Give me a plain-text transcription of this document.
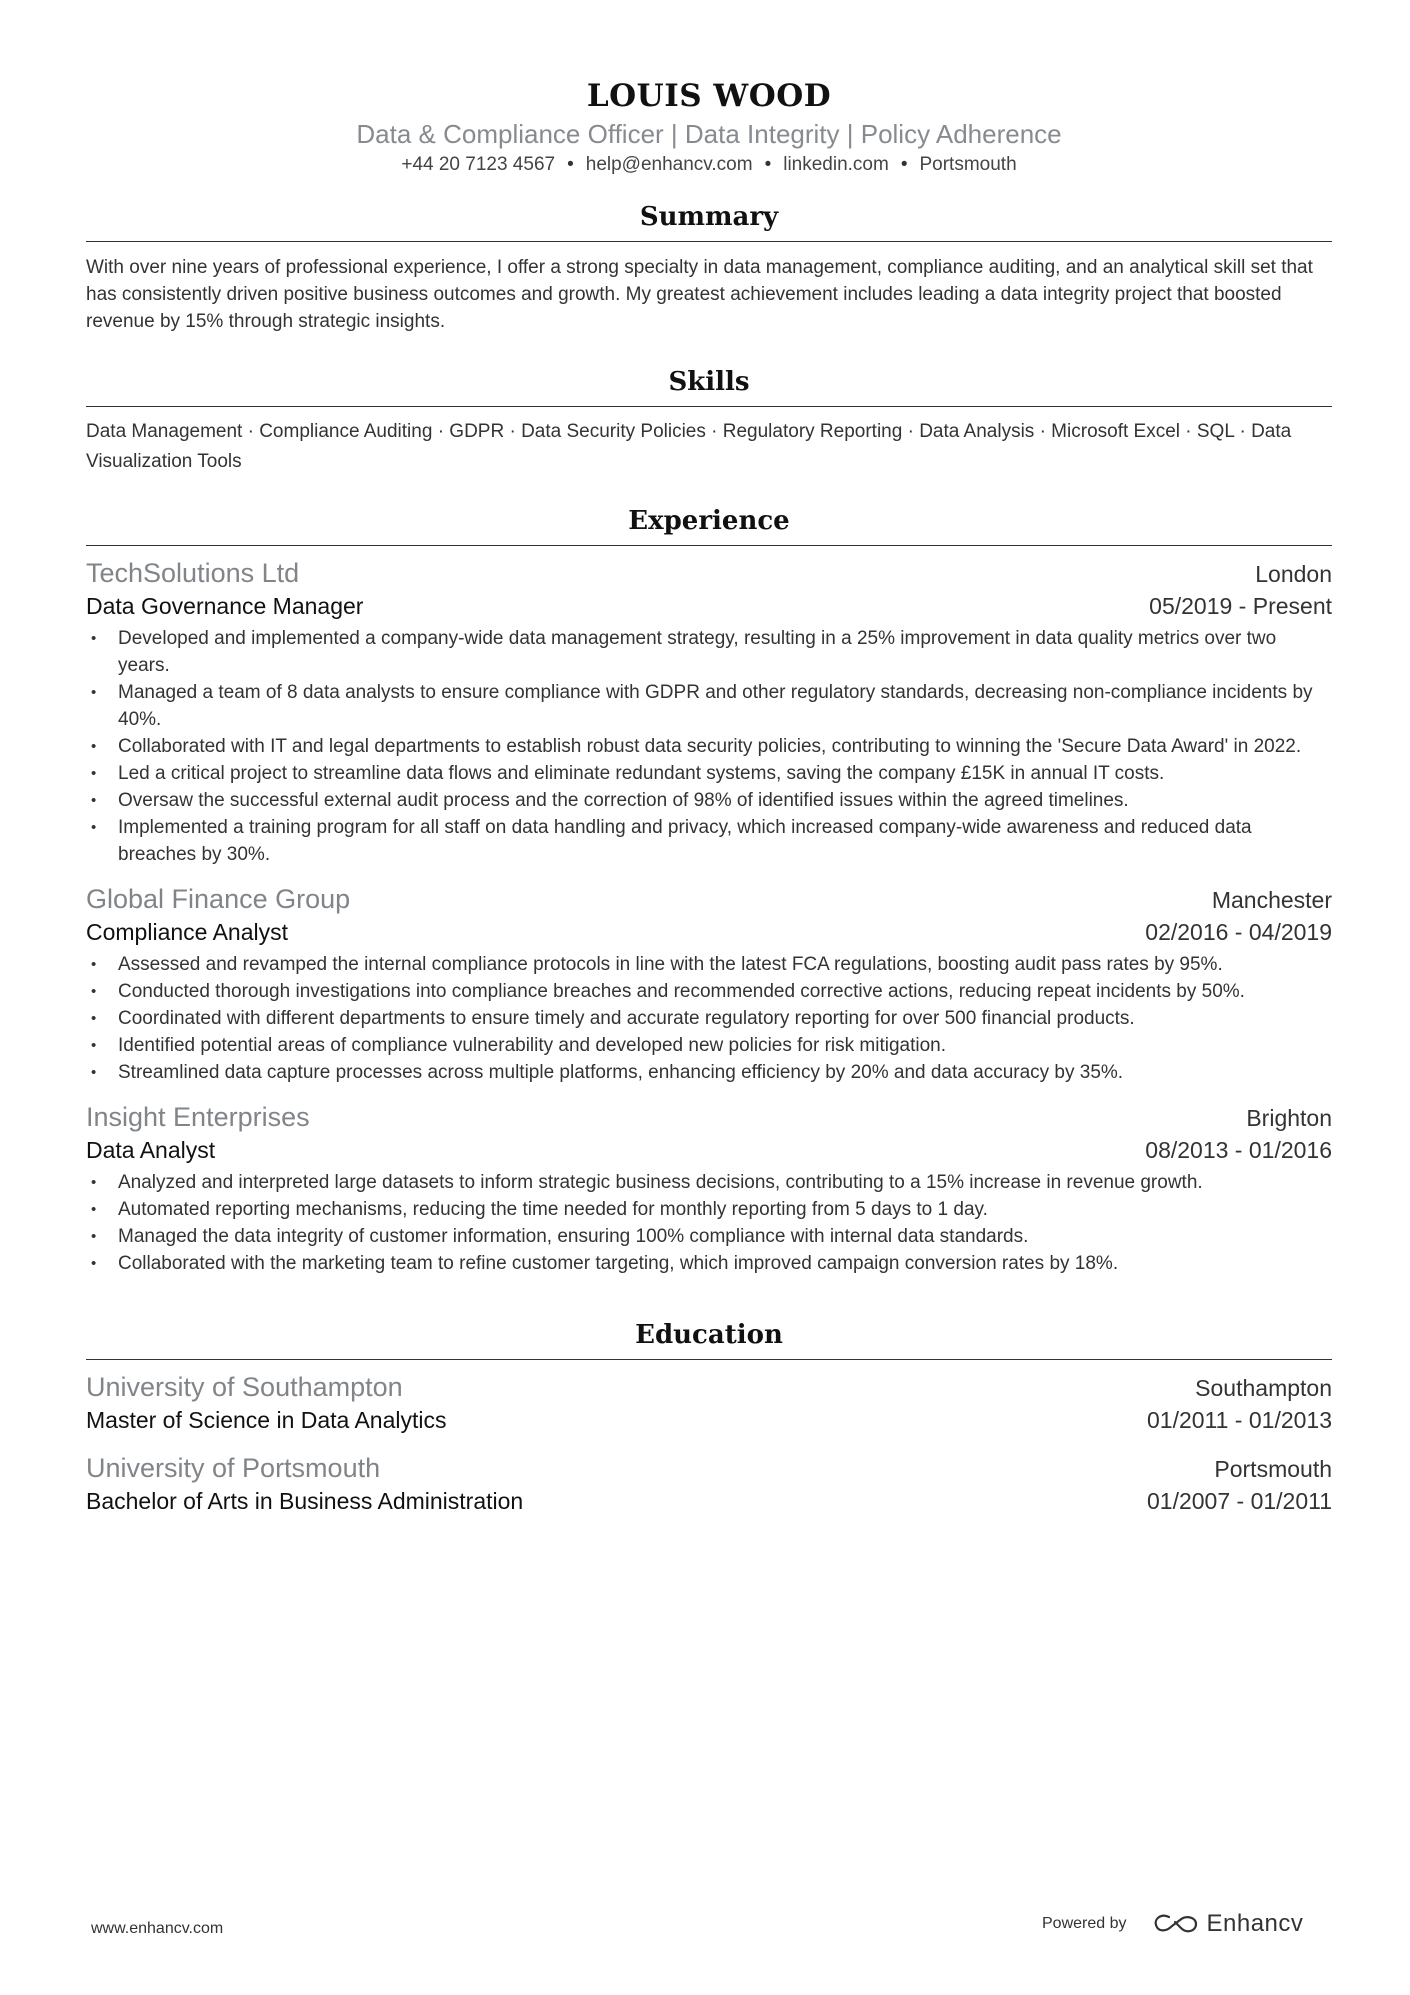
LOUIS WOOD
Data & Compliance Officer | Data Integrity | Policy Adherence
+44 20 7123 4567 • help@enhancv.com • linkedin.com • Portsmouth
Summary
With over nine years of professional experience, I offer a strong specialty in data management, compliance auditing, and an analytical skill set that has consistently driven positive business outcomes and growth. My greatest achievement includes leading a data integrity project that boosted revenue by 15% through strategic insights.
Skills
Data Management · Compliance Auditing · GDPR · Data Security Policies · Regulatory Reporting · Data Analysis · Microsoft Excel · SQL · Data Visualization Tools
Experience
TechSolutions Ltd	London
Data Governance Manager	05/2019 - Present
• Developed and implemented a company-wide data management strategy, resulting in a 25% improvement in data quality metrics over two years.
• Managed a team of 8 data analysts to ensure compliance with GDPR and other regulatory standards, decreasing non-compliance incidents by 40%.
• Collaborated with IT and legal departments to establish robust data security policies, contributing to winning the 'Secure Data Award' in 2022.
• Led a critical project to streamline data flows and eliminate redundant systems, saving the company £15K in annual IT costs.
• Oversaw the successful external audit process and the correction of 98% of identified issues within the agreed timelines.
• Implemented a training program for all staff on data handling and privacy, which increased company-wide awareness and reduced data breaches by 30%.
Global Finance Group	Manchester
Compliance Analyst	02/2016 - 04/2019
• Assessed and revamped the internal compliance protocols in line with the latest FCA regulations, boosting audit pass rates by 95%.
• Conducted thorough investigations into compliance breaches and recommended corrective actions, reducing repeat incidents by 50%.
• Coordinated with different departments to ensure timely and accurate regulatory reporting for over 500 financial products.
• Identified potential areas of compliance vulnerability and developed new policies for risk mitigation.
• Streamlined data capture processes across multiple platforms, enhancing efficiency by 20% and data accuracy by 35%.
Insight Enterprises	Brighton
Data Analyst	08/2013 - 01/2016
• Analyzed and interpreted large datasets to inform strategic business decisions, contributing to a 15% increase in revenue growth.
• Automated reporting mechanisms, reducing the time needed for monthly reporting from 5 days to 1 day.
• Managed the data integrity of customer information, ensuring 100% compliance with internal data standards.
• Collaborated with the marketing team to refine customer targeting, which improved campaign conversion rates by 18%.
Education
University of Southampton	Southampton
Master of Science in Data Analytics	01/2011 - 01/2013
University of Portsmouth	Portsmouth
Bachelor of Arts in Business Administration	01/2007 - 01/2011
www.enhancv.com	Powered by	Enhancv
